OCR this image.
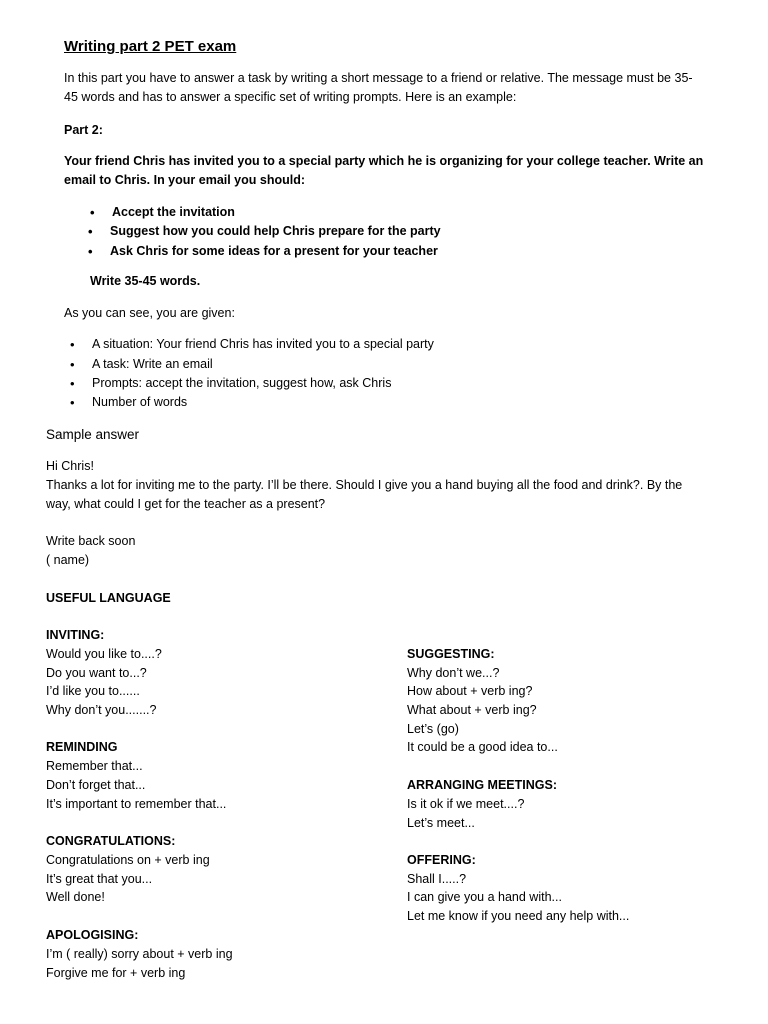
Writing part 2 PET exam
In this part you have to answer a task by writing a short message to a friend or relative. The message must be 35-
45 words and has to answer a specific set of writing prompts. Here is an example:
Part 2:
Your friend Chris has invited you to a special party which he is organizing for your college teacher. Write an
email to Chris. In your email you should:
• Accept the invitation
• Suggest how you could help Chris prepare for the party
• Ask Chris for some ideas for a present for your teacher
Write 35-45 words.
As you can see, you are given:
• A situation: Your friend Chris has invited you to a special party
• A task: Write an email
• Prompts: accept the invitation, suggest how, ask Chris
• Number of words
Sample answer
Hi Chris!
Thanks a lot for inviting me to the party. I’ll be there. Should I give you a hand buying all the food and drink?. By the
way, what could I get for the teacher as a present?
Write back soon
( name)
USEFUL LANGUAGE
INVITING:
Would you like to....?
Do you want to...?
I’d like you to......
Why don’t you.......?
REMINDING
Remember that...
Don’t forget that...
It’s important to remember that...
CONGRATULATIONS:
Congratulations on + verb ing
It’s great that you...
Well done!
APOLOGISING:
I’m ( really) sorry about + verb ing
Forgive me for + verb ing
SUGGESTING:
Why don’t we...?
How about + verb ing?
What about + verb ing?
Let’s (go)
It could be a good idea to...
ARRANGING MEETINGS:
Is it ok if we meet....?
Let’s meet...
OFFERING:
Shall I.....?
I can give you a hand with...
Let me know if you need any help with...
